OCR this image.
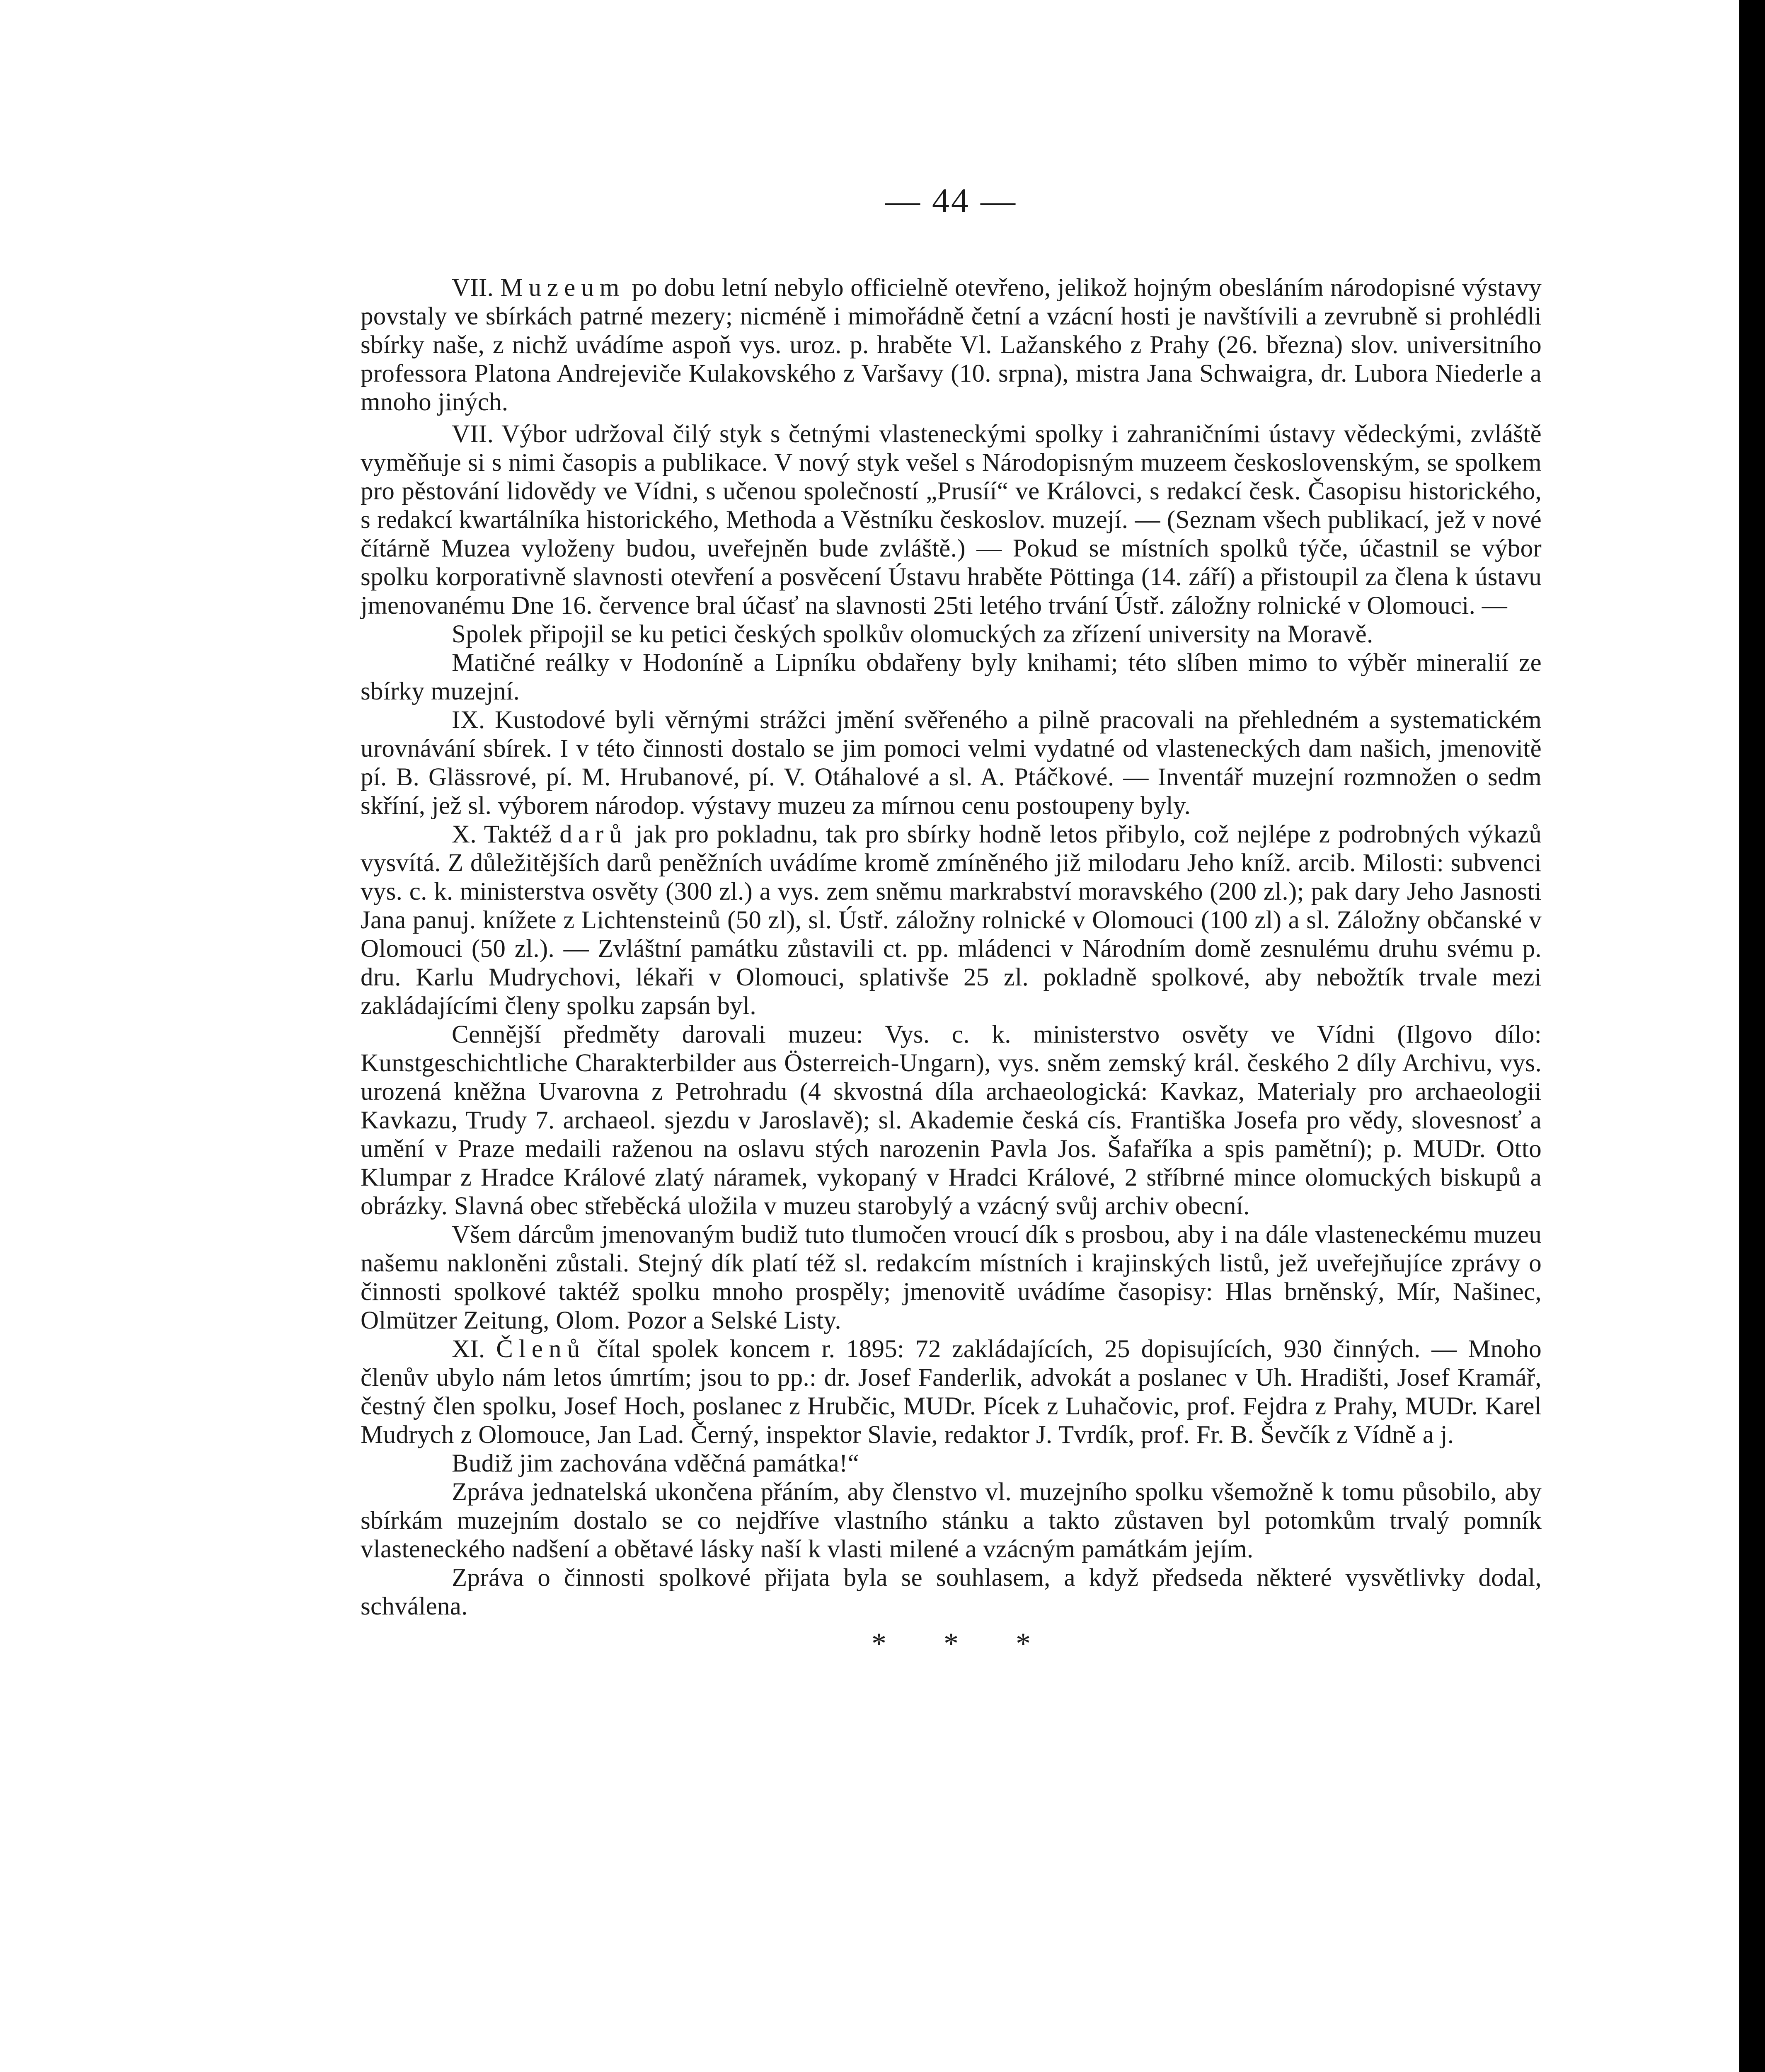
— 44 —

VII. Muzeum po dobu letní nebylo officielně otevřeno, jelikož hojným obesláním národopisné výstavy povstaly ve sbírkách patrné mezery; nicméně i mimořádně četní a vzácní hosti je navštívili a zevrubně si prohlédli sbírky naše, z nichž uvádíme aspoň vys. uroz. p. hraběte Vl. Lažanského z Prahy (26. března) slov. universitního professora Platona Andrejeviče Kulakovského z Varšavy (10. srpna), mistra Jana Schwaigra, dr. Lubora Niederle a mnoho jiných.

VII. Výbor udržoval čilý styk s četnými vlasteneckými spolky i zahraničními ústavy vědeckými, zvláště vyměňuje si s nimi časopis a publikace. V nový styk vešel s Národopisným muzeem československým, se spolkem pro pěstování lidovědy ve Vídni, s učenou společností „Prusíí“ ve Královci, s redakcí česk. Časopisu historického, s redakcí kwartálníka historického, Methoda a Věstníku českoslov. muzejí. — (Seznam všech publikací, jež v nové čítárně Muzea vyloženy budou, uveřejněn bude zvláště.) — Pokud se místních spolků týče, účastnil se výbor spolku korporativně slavnosti otevření a posvěcení Ústavu hraběte Pöttinga (14. září) a přistoupil za člena k ústavu jmenovanému Dne 16. července bral účasť na slavnosti 25ti letého trvání Ústř. záložny rolnické v Olomouci. —

Spolek připojil se ku petici českých spolkův olomuckých za zřízení university na Moravě.

Matičné reálky v Hodoníně a Lipníku obdařeny byly knihami; této slíben mimo to výběr mineralií ze sbírky muzejní.

IX. Kustodové byli věrnými strážci jmění svěřeného a pilně pracovali na přehledném a systematickém urovnávání sbírek. I v této činnosti dostalo se jim pomoci velmi vydatné od vlasteneckých dam našich, jmenovitě pí. B. Glässrové, pí. M. Hrubanové, pí. V. Otáhalové a sl. A. Ptáčkové. — Inventář muzejní rozmnožen o sedm skříní, jež sl. výborem národop. výstavy muzeu za mírnou cenu postoupeny byly.

X. Taktéž darů jak pro pokladnu, tak pro sbírky hodně letos přibylo, což nejlépe z podrobných výkazů vysvítá. Z důležitějších darů peněžních uvádíme kromě zmíněného již milodaru Jeho kníž. arcib. Milosti: subvenci vys. c. k. ministerstva osvěty (300 zl.) a vys. zem sněmu markrabství moravského (200 zl.); pak dary Jeho Jasnosti Jana panuj. knížete z Lichtensteinů (50 zl), sl. Ústř. záložny rolnické v Olomouci (100 zl) a sl. Záložny občanské v Olomouci (50 zl.). — Zvláštní památku zůstavili ct. pp. mládenci v Národním domě zesnulému druhu svému p. dru. Karlu Mudrychovi, lékaři v Olomouci, splativše 25 zl. pokladně spolkové, aby nebožtík trvale mezi zakládajícími členy spolku zapsán byl.

Cennější předměty darovali muzeu: Vys. c. k. ministerstvo osvěty ve Vídni (Ilgovo dílo: Kunstgeschichtliche Charakterbilder aus Österreich-Ungarn), vys. sněm zemský král. českého 2 díly Archivu, vys. urozená kněžna Uvarovna z Petrohradu (4 skvostná díla archaeologická: Kavkaz, Materialy pro archaeologii Kavkazu, Trudy 7. archaeol. sjezdu v Jaroslavě); sl. Akademie česká cís. Františka Josefa pro vědy, slovesnosť a umění v Praze medaili raženou na oslavu stých narozenin Pavla Jos. Šafaříka a spis pamětní); p. MUDr. Otto Klumpar z Hradce Králové zlatý náramek, vykopaný v Hradci Králové, 2 stříbrné mince olomuckých biskupů a obrázky. Slavná obec střeběcká uložila v muzeu starobylý a vzácný svůj archiv obecní.

Všem dárcům jmenovaným budiž tuto tlumočen vroucí dík s prosbou, aby i na dále vlasteneckému muzeu našemu nakloněni zůstali. Stejný dík platí též sl. redakcím místních i krajinských listů, jež uveřejňujíce zprávy o činnosti spolkové taktéž spolku mnoho prospěly; jmenovitě uvádíme časopisy: Hlas brněnský, Mír, Našinec, Olmützer Zeitung, Olom. Pozor a Selské Listy.

XI. Členů čítal spolek koncem r. 1895: 72 zakládajících, 25 dopisujících, 930 činných. — Mnoho členův ubylo nám letos úmrtím; jsou to pp.: dr. Josef Fanderlik, advokát a poslanec v Uh. Hradišti, Josef Kramář, čestný člen spolku, Josef Hoch, poslanec z Hrubčic, MUDr. Pícek z Luhačovic, prof. Fejdra z Prahy, MUDr. Karel Mudrych z Olomouce, Jan Lad. Černý, inspektor Slavie, redaktor J. Tvrdík, prof. Fr. B. Ševčík z Vídně a j.

Budiž jim zachována vděčná památka!“

Zpráva jednatelská ukončena přáním, aby členstvo vl. muzejního spolku všemožně k tomu působilo, aby sbírkám muzejním dostalo se co nejdříve vlastního stánku a takto zůstaven byl potomkům trvalý pomník vlasteneckého nadšení a obětavé lásky naší k vlasti milené a vzácným památkám jejím.

Zpráva o činnosti spolkové přijata byla se souhlasem, a když předseda některé vysvětlivky dodal, schválena.

* * *
